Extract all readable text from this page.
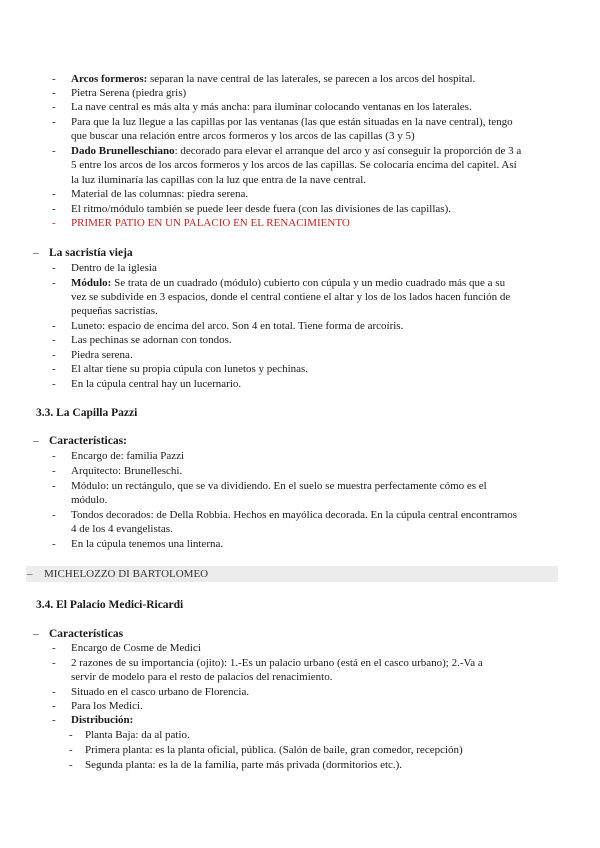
- Arcos formeros: separan la nave central de las laterales, se parecen a los arcos del hospital.
- Pietra Serena (piedra gris)
- La nave central es más alta y más ancha: para iluminar colocando ventanas en los laterales.
- Para que la luz llegue a las capillas por las ventanas (las que están situadas en la nave central), tengo
que buscar una relación entre arcos formeros y los arcos de las capillas (3 y 5)
- Dado Brunelleschiano: decorado para elevar el arranque del arco y así conseguir la proporción de 3 a
5 entre los arcos de los arcos formeros y los arcos de las capillas. Se colocaría encima del capitel. Así
la luz iluminaría las capillas con la luz que entra de la nave central.
- Material de las columnas: piedra serena.
- El ritmo/módulo también se puede leer desde fuera (con las divisiones de las capillas).
- PRIMER PATIO EN UN PALACIO EN EL RENACIMIENTO
– La sacristía vieja
- Dentro de la iglesia
- Módulo: Se trata de un cuadrado (módulo) cubierto con cúpula y un medio cuadrado más que a su
vez se subdivide en 3 espacios, donde el central contiene el altar y los de los lados hacen función de
pequeñas sacristías.
- Luneto: espacio de encima del arco. Son 4 en total. Tiene forma de arcoíris.
- Las pechinas se adornan con tondos.
- Piedra serena.
- El altar tiene su propia cúpula con lunetos y pechinas.
- En la cúpula central hay un lucernario.
3.3. La Capilla Pazzi
– Características:
- Encargo de: familia Pazzi
- Arquitecto: Brunelleschi.
- Módulo: un rectángulo, que se va dividiendo. En el suelo se muestra perfectamente cómo es el
módulo.
- Tondos decorados: de Della Robbia. Hechos en mayólica decorada. En la cúpula central encontramos
4 de los 4 evangelistas.
- En la cúpula tenemos una linterna.
– MICHELOZZO DI BARTOLOMEO
3.4. El Palacio Medici-Ricardi
– Características
- Encargo de Cosme de Medici
- 2 razones de su importancia (ojito): 1.-Es un palacio urbano (está en el casco urbano); 2.-Va a
servir de modelo para el resto de palacios del renacimiento.
- Situado en el casco urbano de Florencia.
- Para los Medici.
- Distribución:
- Planta Baja: da al patio.
- Primera planta: es la planta oficial, pública. (Salón de baile, gran comedor, recepción)
- Segunda planta: es la de la familia, parte más privada (dormitorios etc.).
